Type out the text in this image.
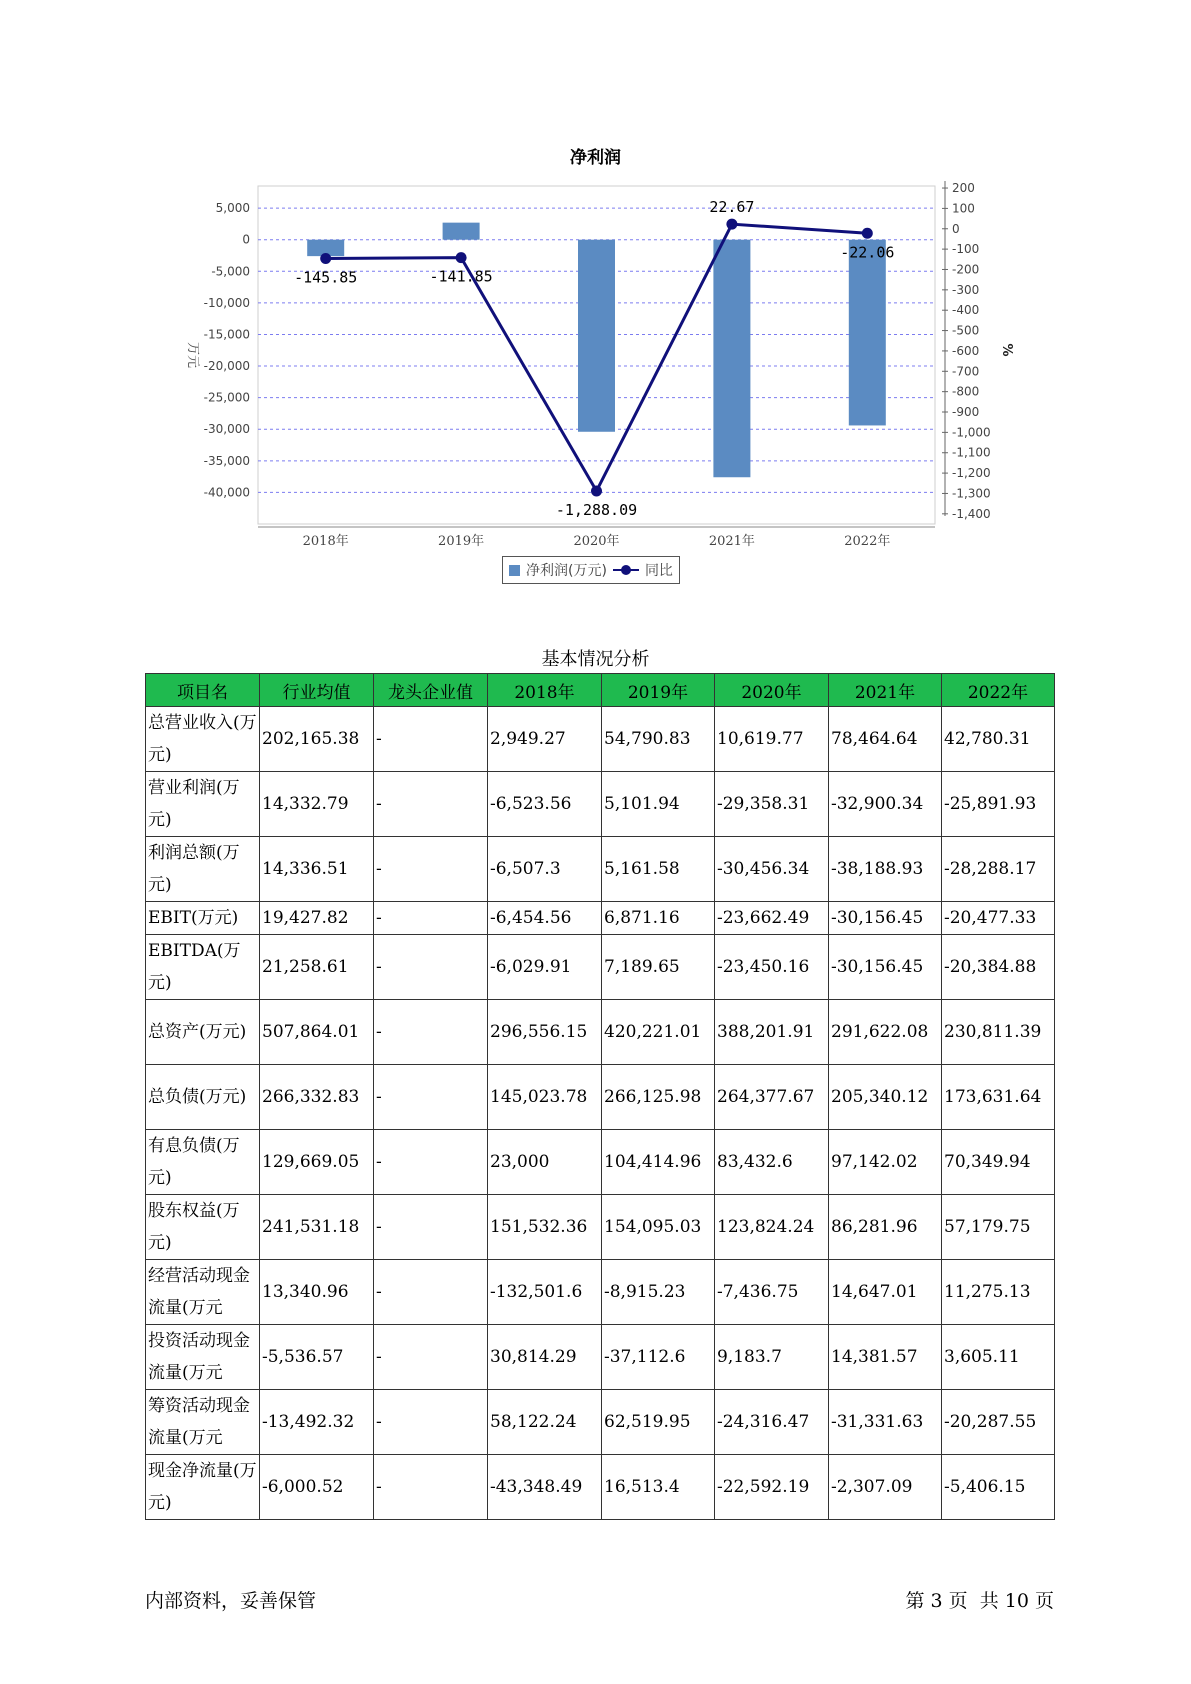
净利润
5,000
0
-5,000
-10,000
-15,000
-20,000
-25,000
-30,000
-35,000
-40,000
200
100
0
-100
-200
-300
-400
-500
-600
-700
-800
-900
-1,000
-1,100
-1,200
-1,300
-1,400
万元	%
2018年	2019年	2020年	2021年	2022年
-145.85	-141.85
-1,288.09
22.67
-22.06
净利润(万元)	同比
基本情况分析
项目名	行业均值	龙头企业值	2018年	2019年	2020年	2021年	2022年
总营业收入(万元)	202,165.38	-	2,949.27	54,790.83	10,619.77	78,464.64	42,780.31
营业利润(万元)	14,332.79	-	-6,523.56	5,101.94	-29,358.31	-32,900.34	-25,891.93
利润总额(万元)	14,336.51	-	-6,507.3	5,161.58	-30,456.34	-38,188.93	-28,288.17
EBIT(万元)	19,427.82	-	-6,454.56	6,871.16	-23,662.49	-30,156.45	-20,477.33
EBITDA(万元)	21,258.61	-	-6,029.91	7,189.65	-23,450.16	-30,156.45	-20,384.88
总资产(万元)	507,864.01	-	296,556.15	420,221.01	388,201.91	291,622.08	230,811.39
总负债(万元)	266,332.83	-	145,023.78	266,125.98	264,377.67	205,340.12	173,631.64
有息负债(万元)	129,669.05	-	23,000	104,414.96	83,432.6	97,142.02	70,349.94
股东权益(万元)	241,531.18	-	151,532.36	154,095.03	123,824.24	86,281.96	57,179.75
经营活动现金流量(万元	13,340.96	-	-132,501.6	-8,915.23	-7,436.75	14,647.01	11,275.13
投资活动现金流量(万元	-5,536.57	-	30,814.29	-37,112.6	9,183.7	14,381.57	3,605.11
筹资活动现金流量(万元	-13,492.32	-	58,122.24	62,519.95	-24,316.47	-31,331.63	-20,287.55
现金净流量(万元)	-6,000.52	-	-43,348.49	16,513.4	-22,592.19	-2,307.09	-5,406.15
内部资料，妥善保管	第 3 页  共 10 页
